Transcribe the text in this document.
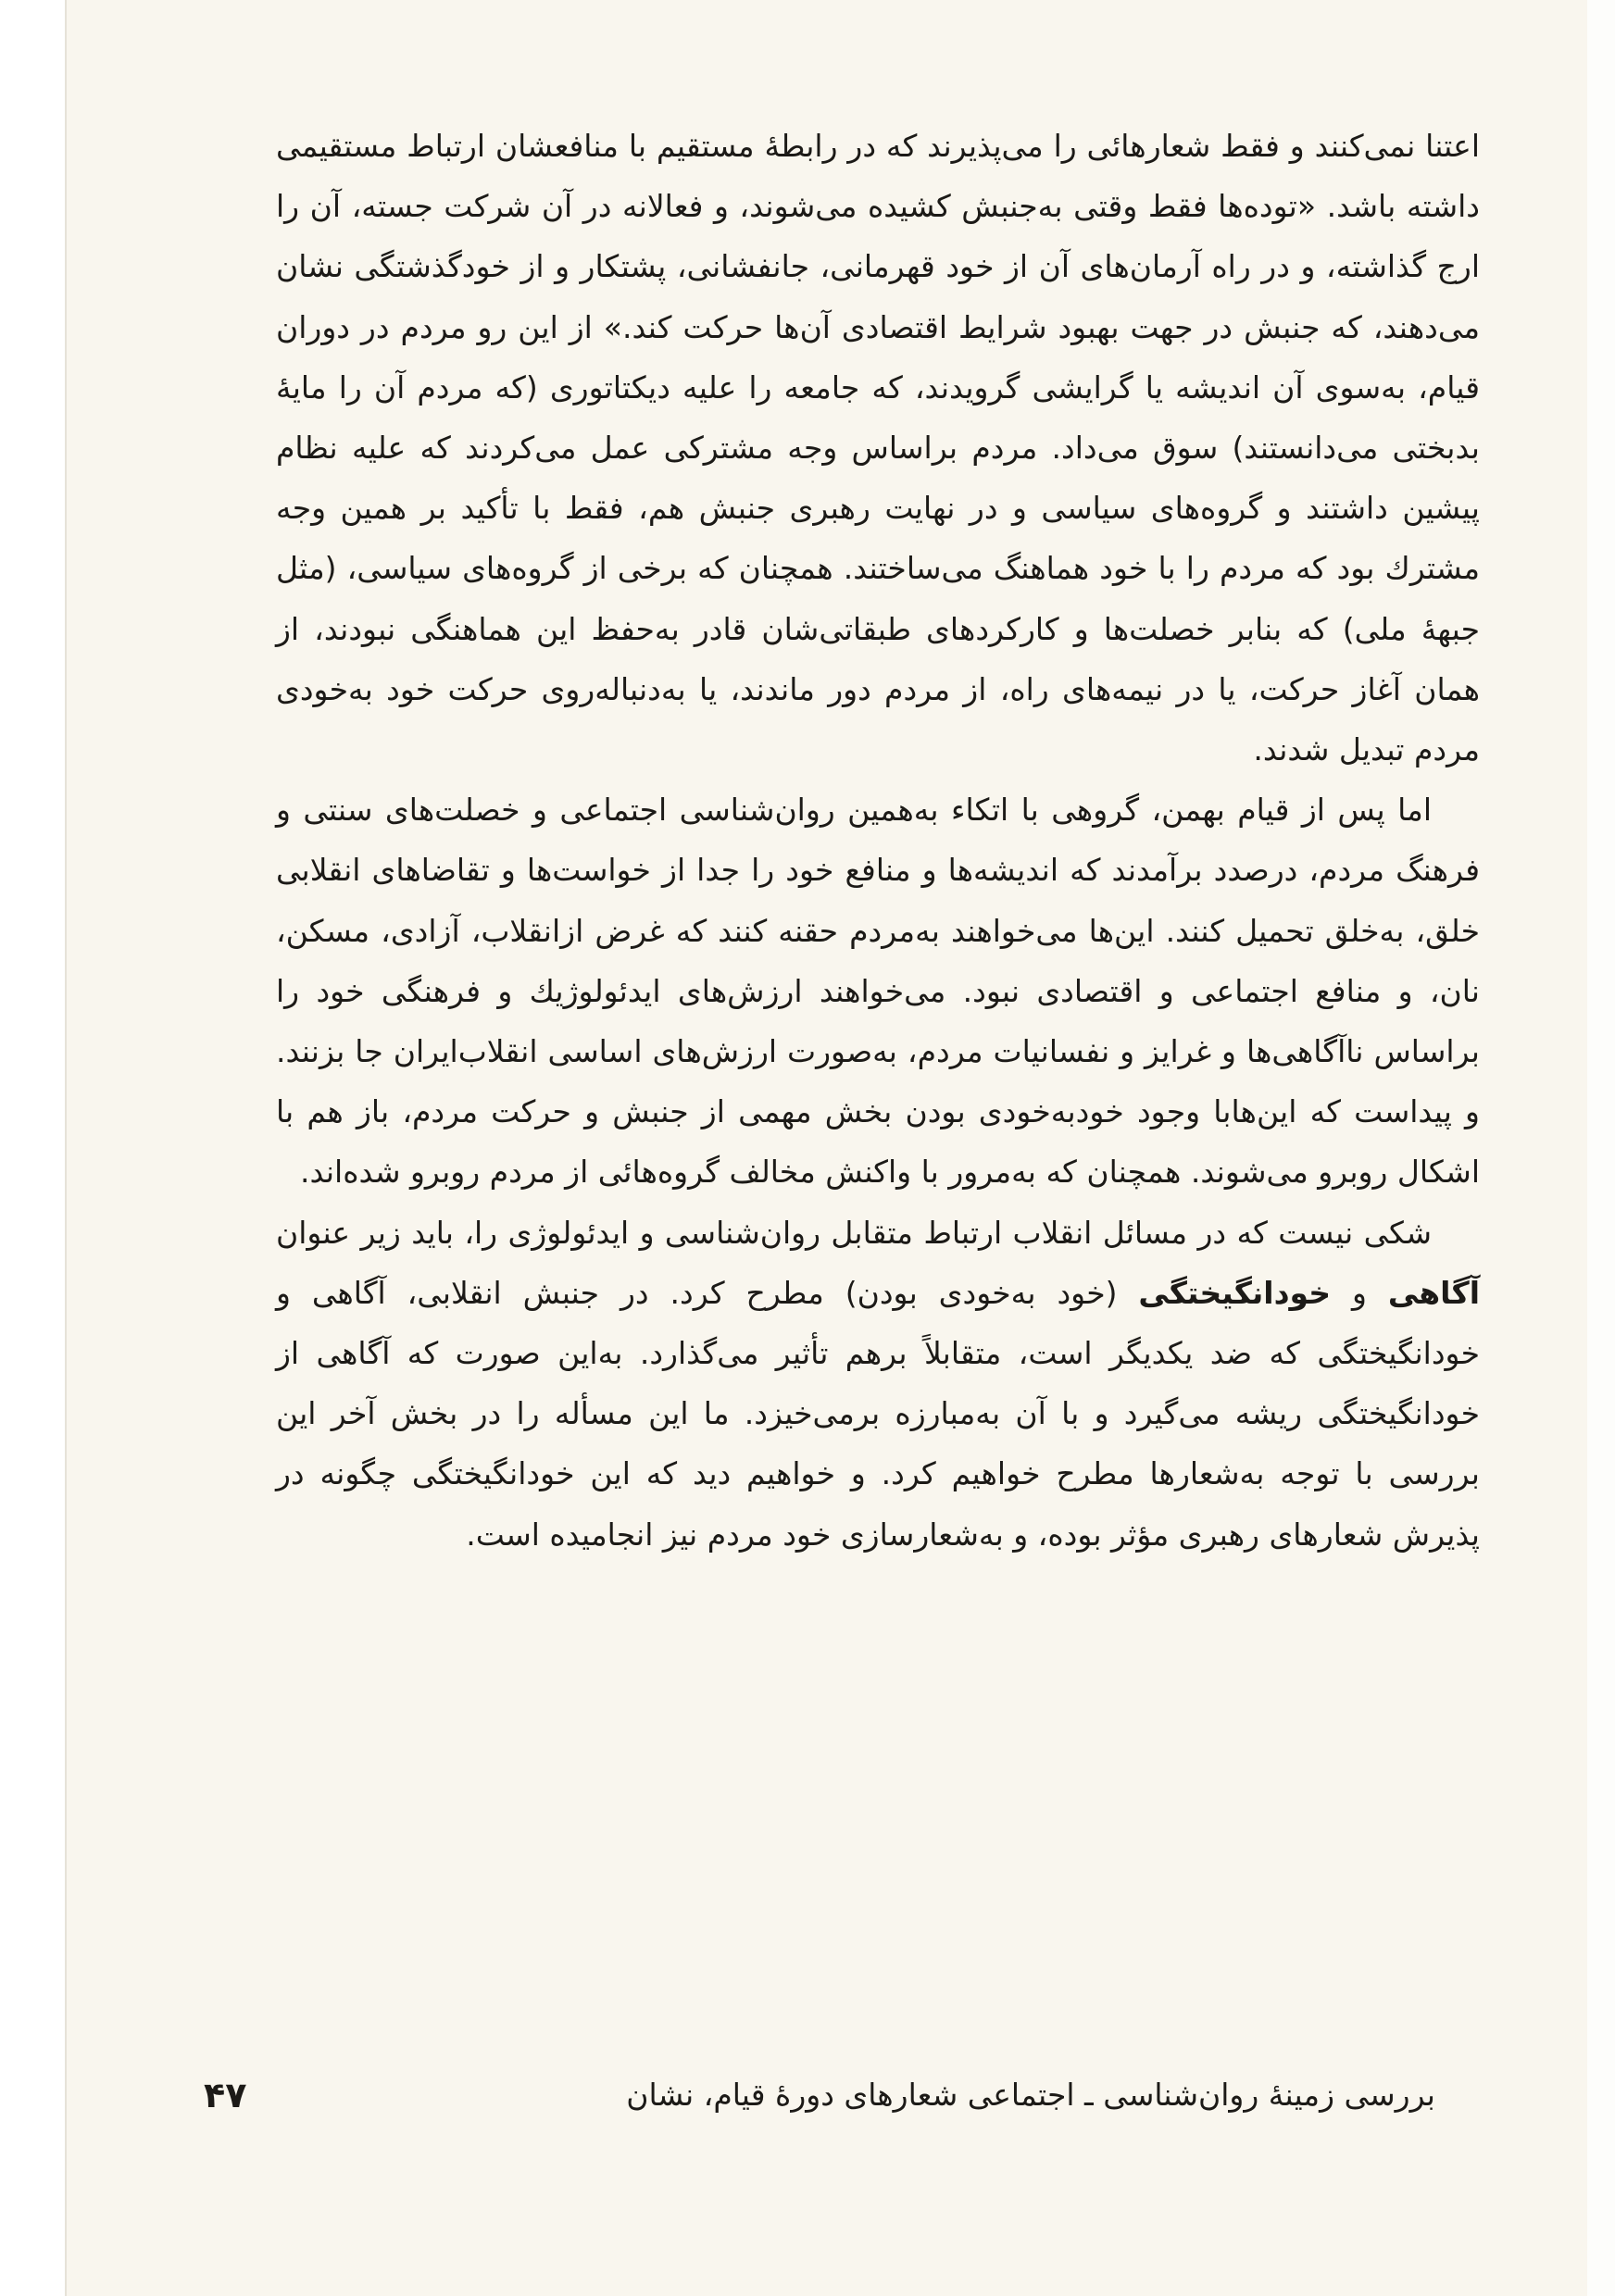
اعتنا نمی‌کنند و فقط شعارهائی را می‌پذیرند که در رابطهٔ مستقیم با منافعشان ارتباط مستقیمی داشته باشد. «توده‌ها فقط وقتی به‌جنبش کشیده می‌شوند، و فعالانه در آن شرکت جسته، آن را ارج گذاشته، و در راه آرمان‌های آن از خود قهرمانی، جانفشانی، پشتکار و از خودگذشتگی نشان می‌دهند، که جنبش در جهت بهبود شرایط اقتصادی آن‌ها حرکت کند.» از این رو مردم در دوران قیام، به‌سوی آن اندیشه یا گرایشی گرویدند، که جامعه را علیه دیکتاتوری (که مردم آن را مایهٔ بدبختی می‌دانستند) سوق می‌داد. مردم براساس وجه مشترکی عمل می‌کردند که علیه نظام پیشین داشتند و گروه‌های سیاسی و در نهایت رهبری جنبش هم، فقط با تأکید بر همین وجه مشترك بود که مردم را با خود هماهنگ می‌ساختند. همچنان که برخی از گروه‌های سیاسی، (مثل جبههٔ ملی) که بنابر خصلت‌ها و کارکردهای طبقاتی‌شان قادر به‌حفظ این هماهنگی نبودند، از همان آغاز حرکت، یا در نیمه‌های راه، از مردم دور ماندند، یا به‌دنباله‌روی حرکت خود به‌خودی مردم تبدیل شدند.

اما پس از قیام بهمن، گروهی با اتکاء به‌همین روان‌شناسی اجتماعی و خصلت‌های سنتی و فرهنگ مردم، درصدد برآمدند که اندیشه‌ها و منافع خود را جدا از خواست‌ها و تقاضاهای انقلابی خلق، به‌خلق تحمیل کنند. این‌ها می‌خواهند به‌مردم حقنه کنند که غرض ازانقلاب، آزادی، مسکن، نان، و منافع اجتماعی و اقتصادی نبود. می‌خواهند ارزش‌های ایدئولوژیك و فرهنگی خود را براساس ناآگاهی‌ها و غرایز و نفسانیات مردم، به‌صورت ارزش‌های اساسی انقلاب‌ایران جا بزنند. و پیداست که این‌هابا وجود خودبه‌خودی بودن بخش مهمی از جنبش و حرکت مردم، باز هم با اشکال روبرو می‌شوند. همچنان که به‌مرور با واکنش مخالف گروه‌هائی از مردم روبرو شده‌اند.

شکی نیست که در مسائل انقلاب ارتباط متقابل روان‌شناسی و ایدئولوژی را، باید زیر عنوان آگاهی و خودانگیختگی (خود به‌خودی بودن) مطرح کرد. در جنبش انقلابی، آگاهی و خودانگیختگی که ضد یکدیگر است، متقابلاً برهم تأثیر می‌گذارد. به‌این صورت که آگاهی از خودانگیختگی ریشه می‌گیرد و با آن به‌مبارزه برمی‌خیزد. ما این مسأله را در بخش آخر این بررسی با توجه به‌شعارها مطرح خواهیم کرد. و خواهیم دید که این خودانگیختگی چگونه در پذیرش شعارهای رهبری مؤثر بوده، و به‌شعارسازی خود مردم نیز انجامیده است.

۴۷	بررسی زمینهٔ روان‌شناسی ـ اجتماعی شعارهای دورهٔ قیام، نشان
